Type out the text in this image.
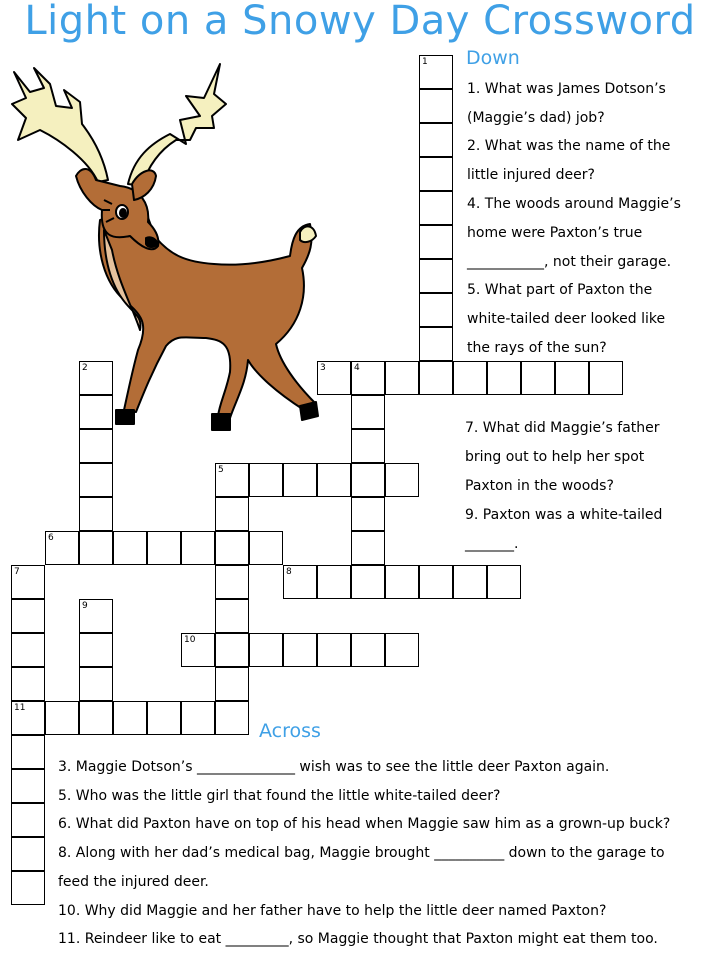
Light on a Snowy Day Crossword
1
2	3	4
5
6
7
11
8
9
10
Down
1. What was James Dotson’s
(Maggie’s dad) job?
2. What was the name of the
little injured deer?
4. The woods around Maggie’s
home were Paxton’s true
___________, not their garage.
5. What part of Paxton the
white-tailed deer looked like
the rays of the sun?
7. What did Maggie’s father
bring out to help her spot
Paxton in the woods?
9. Paxton was a white-tailed
_______.
Across
3. Maggie Dotson’s ______________ wish was to see the little deer Paxton again.
5. Who was the little girl that found the little white-tailed deer?
6. What did Paxton have on top of his head when Maggie saw him as a grown-up buck?
8. Along with her dad’s medical bag, Maggie brought __________ down to the garage to
feed the injured deer.
10. Why did Maggie and her father have to help the little deer named Paxton?
11. Reindeer like to eat _________, so Maggie thought that Paxton might eat them too.
